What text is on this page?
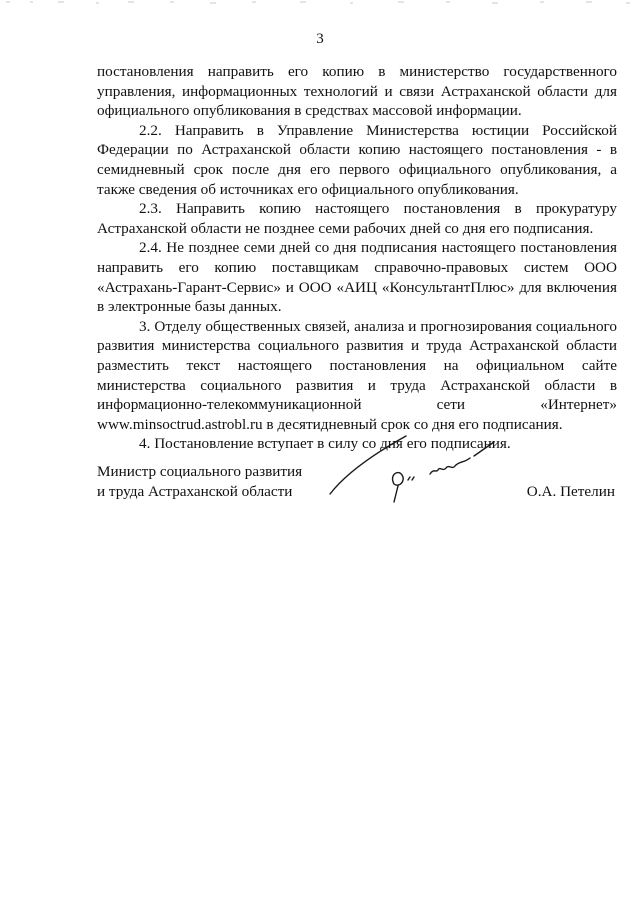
3

постановления направить его копию в министерство государственного управления, информационных технологий и связи Астраханской области для официального опубликования в средствах массовой информации.

2.2. Направить в Управление Министерства юстиции Российской Федерации по Астраханской области копию настоящего постановления - в семидневный срок после дня его первого официального опубликования, а также сведения об источниках его официального опубликования.

2.3. Направить копию настоящего постановления в прокуратуру Астраханской области не позднее семи рабочих дней со дня его подписания.

2.4. Не позднее семи дней со дня подписания настоящего постановления направить его копию поставщикам справочно-правовых систем ООО «Астрахань-Гарант-Сервис» и ООО «АИЦ «КонсультантПлюс» для включения в электронные базы данных.

3. Отделу общественных связей, анализа и прогнозирования социального развития министерства социального развития и труда Астраханской области разместить текст настоящего постановления на официальном сайте министерства социального развития и труда Астраханской области в информационно-телекоммуникационной сети «Интернет» www.minsoctrud.astrobl.ru в десятидневный срок со дня его подписания.

4. Постановление вступает в силу со дня его подписания.

Министр социального развития
и труда Астраханской области	О.А. Петелин
